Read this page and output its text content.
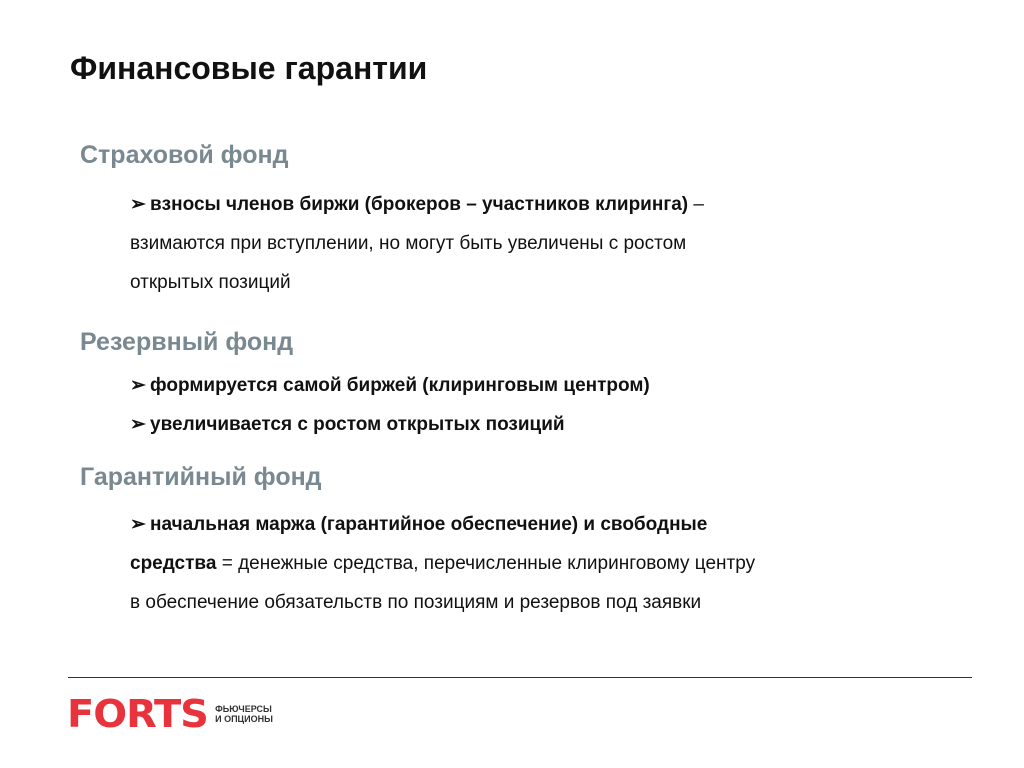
Финансовые гарантии
Страховой фонд
➢ взносы членов биржи (брокеров – участников клиринга) –
взимаются при вступлении, но могут быть увеличены с ростом
открытых позиций
Резервный фонд
➢ формируется самой биржей (клиринговым центром)
➢ увеличивается с ростом открытых позиций
Гарантийный фонд
➢ начальная маржа (гарантийное обеспечение) и свободные
средства = денежные средства, перечисленные клиринговому центру
в обеспечение обязательств по позициям и резервов под заявки
FORTS ФЬЮЧЕРСЫ
И ОПЦИОНЫ
